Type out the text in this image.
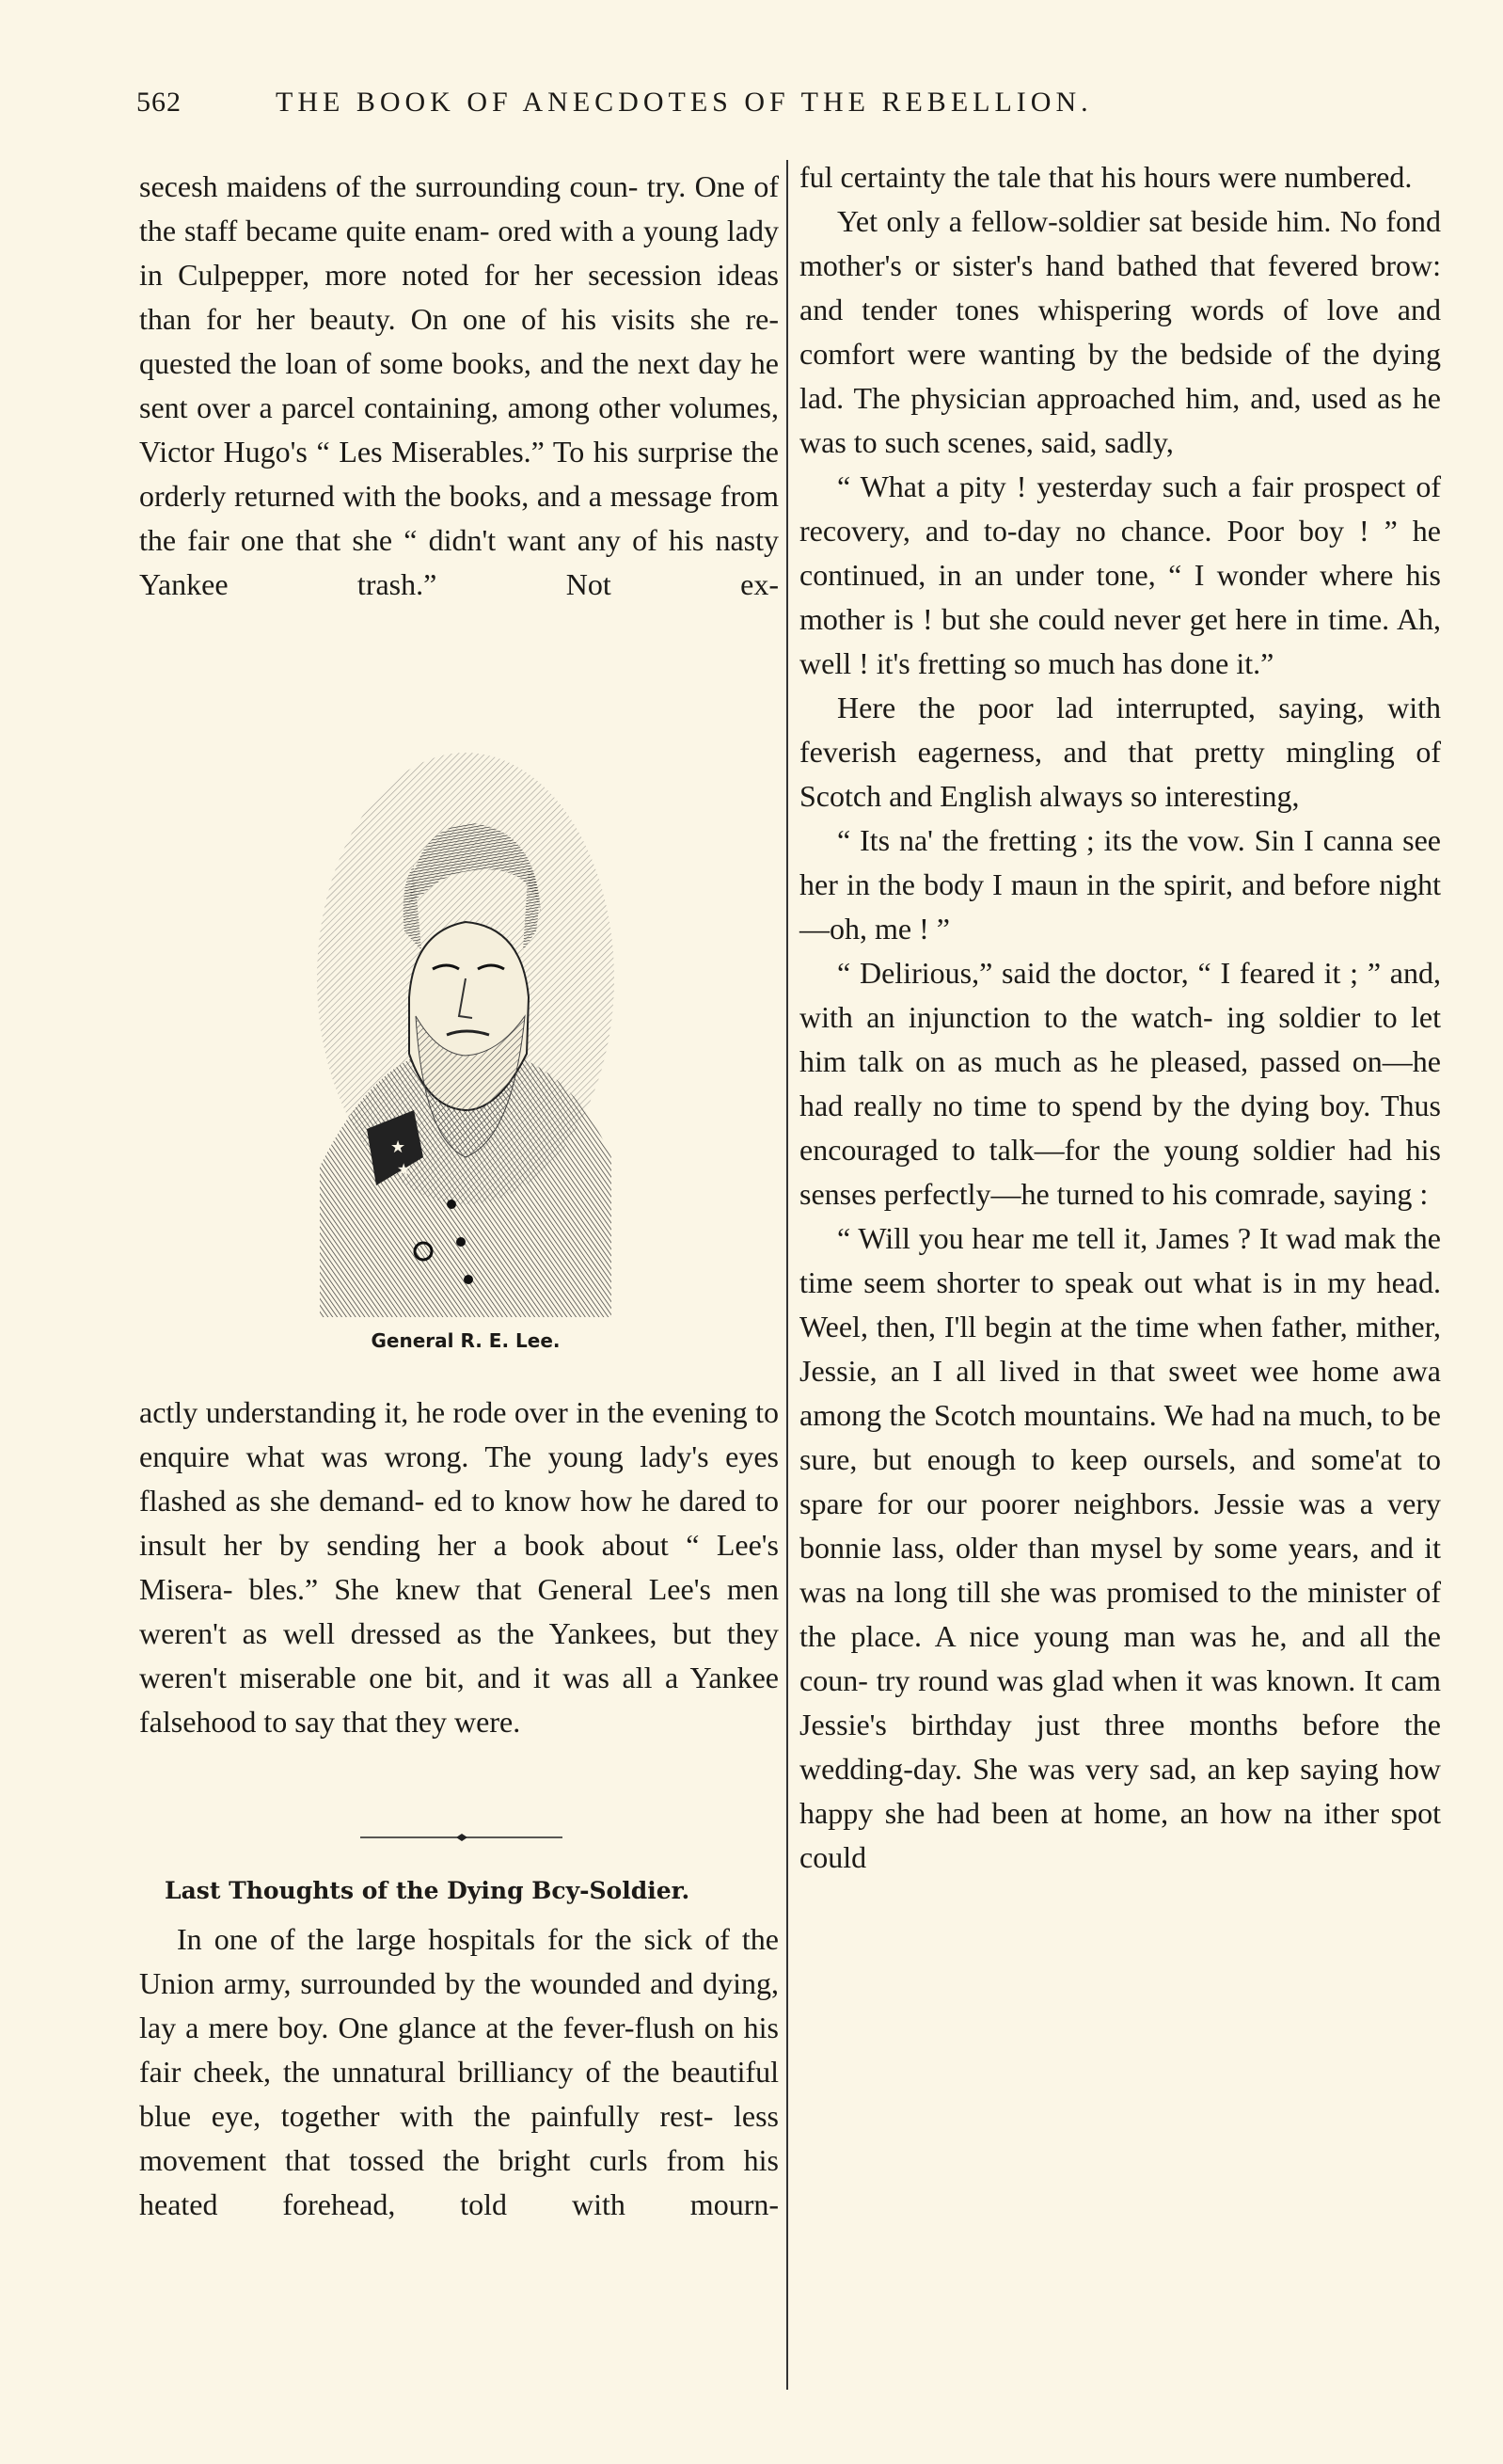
562	THE BOOK OF ANECDOTES OF THE REBELLION.

secesh maidens of the surrounding coun- try. One of the staff became quite enam- ored with a young lady in Culpepper, more noted for her secession ideas than for her beauty. On one of his visits she re- quested the loan of some books, and the next day he sent over a parcel containing, among other volumes, Victor Hugo's “ Les Miserables.” To his surprise the orderly returned with the books, and a message from the fair one that she “ didn't want any of his nasty Yankee trash.” Not ex-

★
★
General R. E. Lee.

actly understanding it, he rode over in the evening to enquire what was wrong. The young lady's eyes flashed as she demand- ed to know how he dared to insult her by sending her a book about “ Lee's Misera- bles.” She knew that General Lee's men weren't as well dressed as the Yankees, but they weren't miserable one bit, and it was all a Yankee falsehood to say that they were.

Last Thoughts of the Dying Bcy-Soldier.

In one of the large hospitals for the sick of the Union army, surrounded by the wounded and dying, lay a mere boy. One glance at the fever-flush on his fair cheek, the unnatural brilliancy of the beautiful blue eye, together with the painfully rest- less movement that tossed the bright curls from his heated forehead, told with mourn-

ful certainty the tale that his hours were numbered.

Yet only a fellow-soldier sat beside him. No fond mother's or sister's hand bathed that fevered brow: and tender tones whispering words of love and comfort were wanting by the bedside of the dying lad. The physician approached him, and, used as he was to such scenes, said, sadly,

“ What a pity ! yesterday such a fair prospect of recovery, and to-day no chance. Poor boy ! ” he continued, in an under tone, “ I wonder where his mother is ! but she could never get here in time. Ah, well ! it's fretting so much has done it.”

Here the poor lad interrupted, saying, with feverish eagerness, and that pretty mingling of Scotch and English always so interesting,

“ Its na' the fretting ; its the vow. Sin I canna see her in the body I maun in the spirit, and before night—oh, me ! ”

“ Delirious,” said the doctor, “ I feared it ; ” and, with an injunction to the watch- ing soldier to let him talk on as much as he pleased, passed on—he had really no time to spend by the dying boy. Thus encouraged to talk—for the young soldier had his senses perfectly—he turned to his comrade, saying :

“ Will you hear me tell it, James ? It wad mak the time seem shorter to speak out what is in my head. Weel, then, I'll begin at the time when father, mither, Jessie, an I all lived in that sweet wee home awa among the Scotch mountains. We had na much, to be sure, but enough to keep oursels, and some'at to spare for our poorer neighbors. Jessie was a very bonnie lass, older than mysel by some years, and it was na long till she was promised to the minister of the place. A nice young man was he, and all the coun- try round was glad when it was known. It cam Jessie's birthday just three months before the wedding-day. She was very sad, an kep saying how happy she had been at home, an how na ither spot could
